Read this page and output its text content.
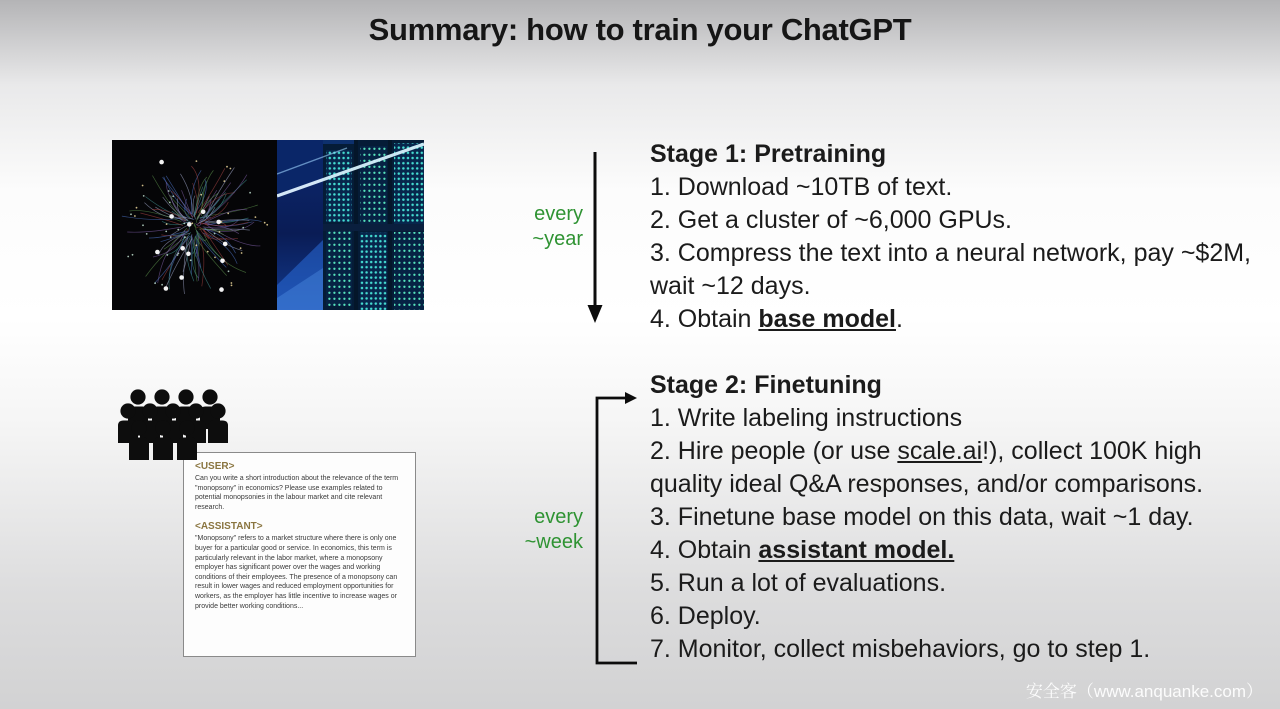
Summary: how to train your ChatGPT
every
~year
Stage 1: Pretraining
1. Download ~10TB of text.
2. Get a cluster of ~6,000 GPUs.
3. Compress the text into a neural network, pay ~$2M, wait ~12 days.
4. Obtain base model.

<USER>

Can you write a short introduction about the relevance of the term "monopsony" in economics? Please use examples related to potential monopsonies in the labour market and cite relevant research.

<ASSISTANT>

"Monopsony" refers to a market structure where there is only one buyer for a particular good or service. In economics, this term is particularly relevant in the labor market, where a monopsony employer has significant power over the wages and working conditions of their employees. The presence of a monopsony can result in lower wages and reduced employment opportunities for workers, as the employer has little incentive to increase wages or provide better working conditions...

every
~week
Stage 2: Finetuning
1. Write labeling instructions
2. Hire people (or use scale.ai!), collect 100K high quality ideal Q&A responses, and/or comparisons.
3. Finetune base model on this data, wait ~1 day.
4. Obtain assistant model.
5. Run a lot of evaluations.
6. Deploy.
7. Monitor, collect misbehaviors, go to step 1.
安全客（www.anquanke.com）
